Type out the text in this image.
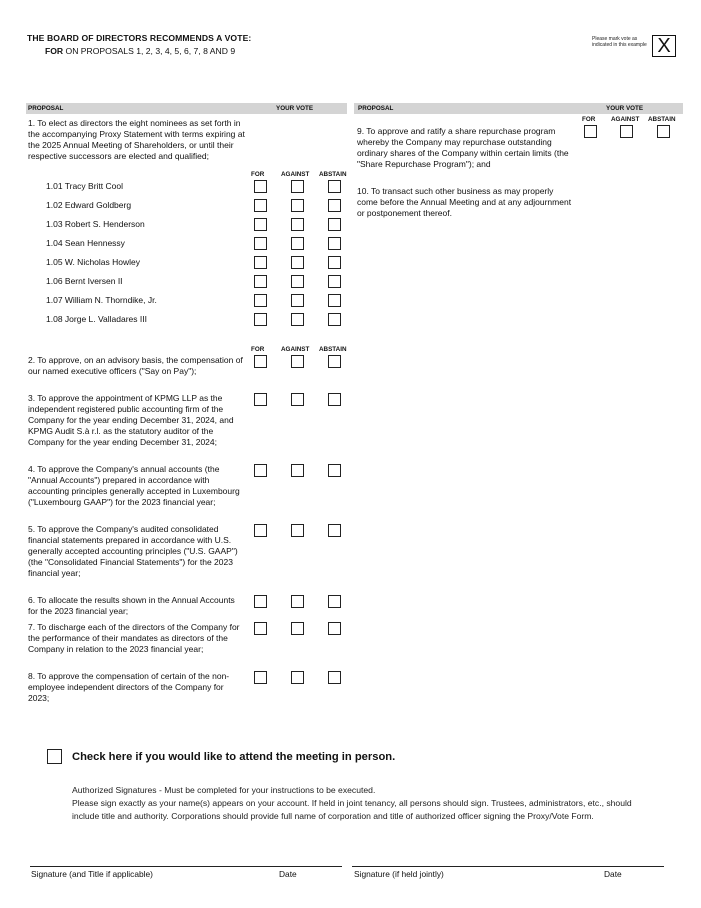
THE BOARD OF DIRECTORS RECOMMENDS A VOTE:
FOR ON PROPOSALS 1, 2, 3, 4, 5, 6, 7, 8 AND 9
Please mark vote as indicated in this example X
PROPOSAL	YOUR VOTE	PROPOSAL	YOUR VOTE
1. To elect as directors the eight nominees as set forth in the accompanying Proxy Statement with terms expiring at the 2025 Annual Meeting of Shareholders, or until their respective successors are elected and qualified;
FOR	AGAINST ABSTAIN
1.01 Tracy Britt Cool
1.02 Edward Goldberg
1.03 Robert S. Henderson
1.04 Sean Hennessy
1.05 W. Nicholas Howley
1.06 Bernt Iversen II
1.07 William N. Thorndike, Jr.
1.08 Jorge L. Valladares III
FOR	AGAINST ABSTAIN
2. To approve, on an advisory basis, the compensation of our named executive officers ("Say on Pay");
3. To approve the appointment of KPMG LLP as the independent registered public accounting firm of the Company for the year ending December 31, 2024, and KPMG Audit S.à r.l. as the statutory auditor of the Company for the year ending December 31, 2024;
4. To approve the Company's annual accounts (the "Annual Accounts") prepared in accordance with accounting principles generally accepted in Luxembourg ("Luxembourg GAAP") for the 2023 financial year;
5. To approve the Company's audited consolidated financial statements prepared in accordance with U.S. generally accepted accounting principles ("U.S. GAAP") (the "Consolidated Financial Statements") for the 2023 financial year;
6. To allocate the results shown in the Annual Accounts for the 2023 financial year;
7. To discharge each of the directors of the Company for the performance of their mandates as directors of the Company in relation to the 2023 financial year;
8. To approve the compensation of certain of the non-employee independent directors of the Company for 2023;
FOR AGAINST ABSTAIN
9. To approve and ratify a share repurchase program whereby the Company may repurchase outstanding ordinary shares of the Company within certain limits (the "Share Repurchase Program"); and
10. To transact such other business as may properly come before the Annual Meeting and at any adjournment or postponement thereof.
Check here if you would like to attend the meeting in person.
Authorized Signatures - Must be completed for your instructions to be executed.
Please sign exactly as your name(s) appears on your account. If held in joint tenancy, all persons should sign. Trustees, administrators, etc., should include title and authority. Corporations should provide full name of corporation and title of authorized officer signing the Proxy/Vote Form.
Signature (and Title if applicable)	Date	Signature (if held jointly)	Date
